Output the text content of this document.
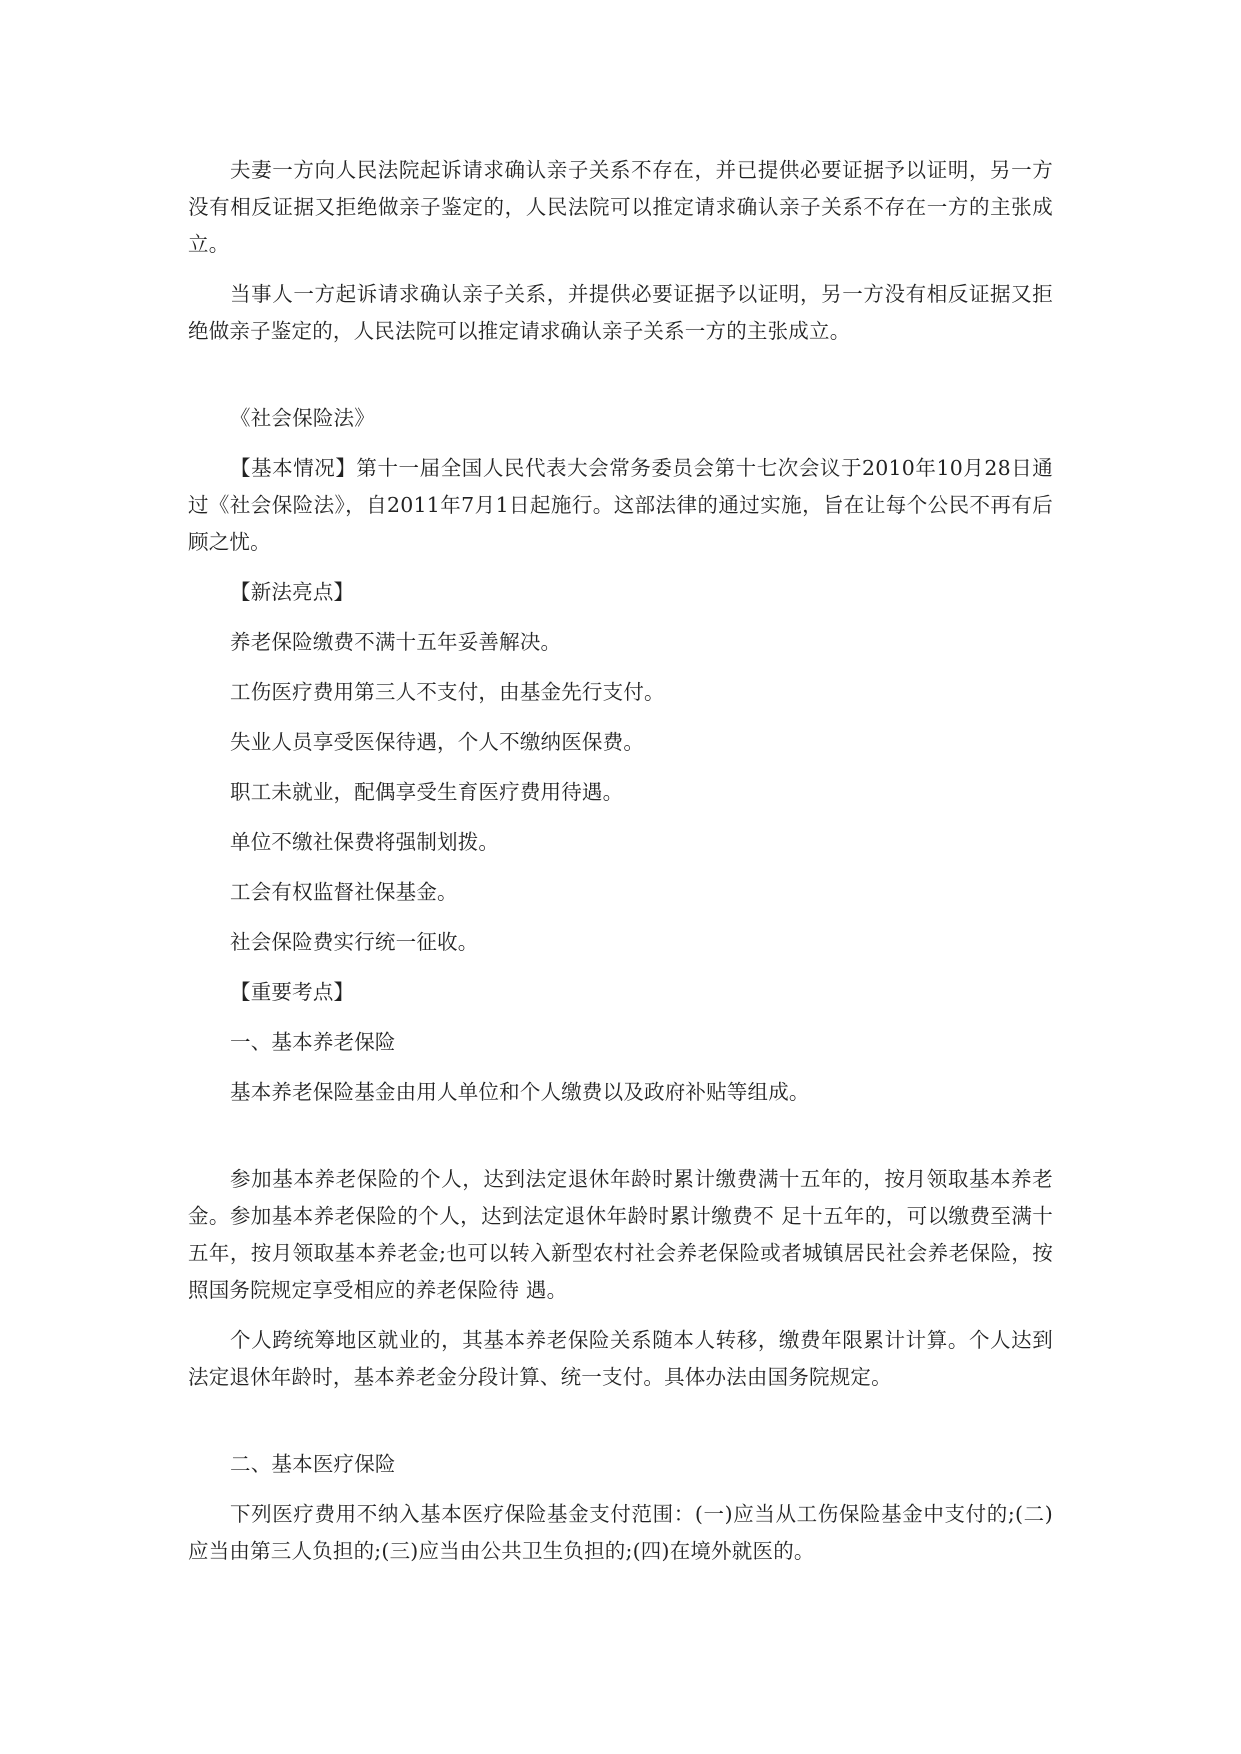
夫妻一方向人民法院起诉请求确认亲子关系不存在，并已提供必要证据予以证明，另一方没有相反证据又拒绝做亲子鉴定的，人民法院可以推定请求确认亲子关系不存在一方的主张成立。

当事人一方起诉请求确认亲子关系，并提供必要证据予以证明，另一方没有相反证据又拒绝做亲子鉴定的，人民法院可以推定请求确认亲子关系一方的主张成立。

《社会保险法》

【基本情况】第十一届全国人民代表大会常务委员会第十七次会议于2010年10月28日通过《社会保险法》，自2011年7月1日起施行。这部法律的通过实施，旨在让每个公民不再有后顾之忧。

【新法亮点】

养老保险缴费不满十五年妥善解决。

工伤医疗费用第三人不支付，由基金先行支付。

失业人员享受医保待遇，个人不缴纳医保费。

职工未就业，配偶享受生育医疗费用待遇。

单位不缴社保费将强制划拨。

工会有权监督社保基金。

社会保险费实行统一征收。

【重要考点】

一、基本养老保险

基本养老保险基金由用人单位和个人缴费以及政府补贴等组成。

参加基本养老保险的个人，达到法定退休年龄时累计缴费满十五年的，按月领取基本养老金。参加基本养老保险的个人，达到法定退休年龄时累计缴费不 足十五年的，可以缴费至满十五年，按月领取基本养老金;也可以转入新型农村社会养老保险或者城镇居民社会养老保险，按照国务院规定享受相应的养老保险待 遇。

个人跨统筹地区就业的，其基本养老保险关系随本人转移，缴费年限累计计算。个人达到法定退休年龄时，基本养老金分段计算、统一支付。具体办法由国务院规定。

二、基本医疗保险

下列医疗费用不纳入基本医疗保险基金支付范围：(一)应当从工伤保险基金中支付的;(二)应当由第三人负担的;(三)应当由公共卫生负担的;(四)在境外就医的。
